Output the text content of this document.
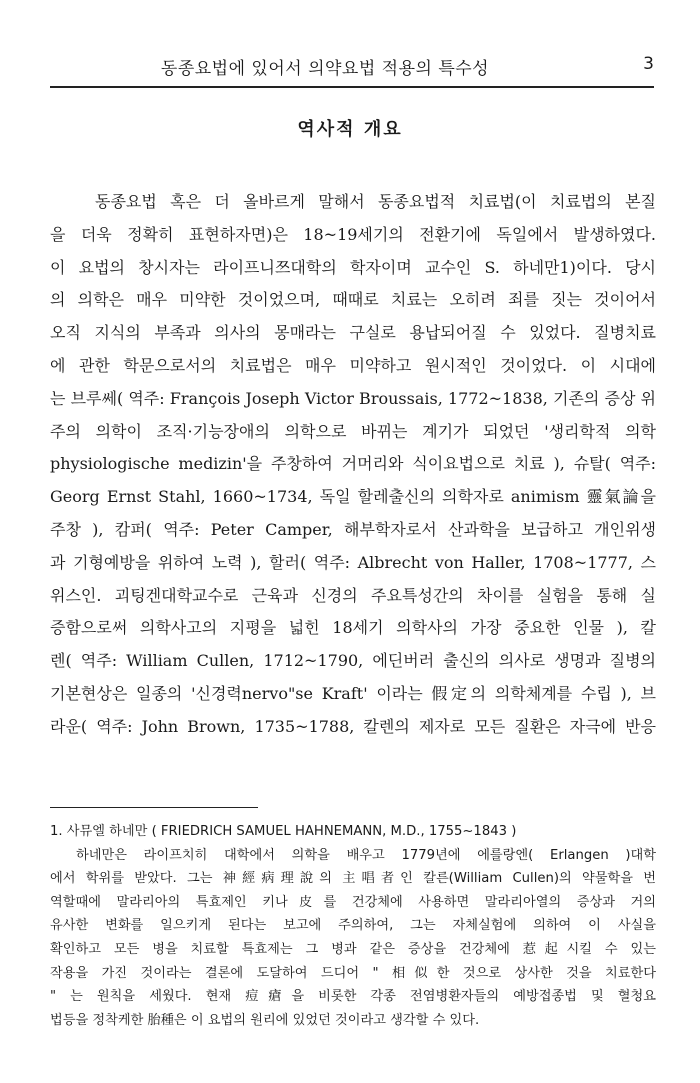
동종요법에 있어서 의약요법 적용의 특수성	3
역사적 개요
동종요법 혹은 더 올바르게 말해서 동종요법적 치료법(이 치료법의 본질
을 더욱 정확히 표현하자면)은 18~19세기의 전환기에 독일에서 발생하였다.
이 요법의 창시자는 라이프니쯔대학의 학자이며 교수인 S. 하네만1)이다. 당시
의 의학은 매우 미약한 것이었으며, 때때로 치료는 오히려 죄를 짓는 것이어서
오직 지식의 부족과 의사의 몽매라는 구실로 용납되어질 수 있었다. 질병치료
에 관한 학문으로서의 치료법은 매우 미약하고 원시적인 것이었다. 이 시대에
는 브루쎄( 역주: François Joseph Victor Broussais, 1772~1838, 기존의 증상 위
주의 의학이 조직·기능장애의 의학으로 바뀌는 계기가 되었던 '생리학적 의학
physiologische medizin'을 주창하여 거머리와 식이요법으로 치료 ), 슈탈( 역주:
Georg Ernst Stahl, 1660~1734, 독일 할레출신의 의학자로 animism 靈氣論을
주창 ), 캄퍼( 역주: Peter Camper, 해부학자로서 산과학을 보급하고 개인위생
과 기형예방을 위하여 노력 ), 할러( 역주: Albrecht von Haller, 1708~1777, 스
위스인. 괴팅겐대학교수로 근육과 신경의 주요특성간의 차이를 실험을 통해 실
증함으로써 의학사고의 지평을 넓힌 18세기 의학사의 가장 중요한 인물 ), 칼
렌( 역주: William Cullen, 1712~1790, 에딘버러 출신의 의사로 생명과 질병의
기본현상은 일종의 '신경력nervo"se Kraft' 이라는 假定의 의학체계를 수립 ), 브
라운( 역주: John Brown, 1735~1788, 칼렌의 제자로 모든 질환은 자극에 반응
1. 사뮤엘 하네만 ( FRIEDRICH SAMUEL HAHNEMANN, M.D., 1755~1843 )
하네만은 라이프치히 대학에서 의학을 배우고 1779년에 에를랑엔( Erlangen )대학
에서 학위를 받았다. 그는 神經病理說의 主唱者인 칼른(William Cullen)의 약물학을 번
역할때에 말라리아의 특효제인 키나皮를 건강체에 사용하면 말라리아열의 증상과 거의
유사한 변화를 일으키게 된다는 보고에 주의하여, 그는 자체실험에 의하여 이 사실을
확인하고 모든 병을 치료할 특효제는 그 병과 같은 증상을 건강체에 惹起시킬 수 있는
작용을 가진 것이라는 결론에 도달하여 드디어 " 相似한 것으로 상사한 것을 치료한다
" 는 원칙을 세웠다. 현재 痘瘡을 비롯한 각종 전염병환자들의 예방접종법 및 혈청요
법등을 정착케한 胎種은 이 요법의 원리에 있었던 것이라고 생각할 수 있다.
